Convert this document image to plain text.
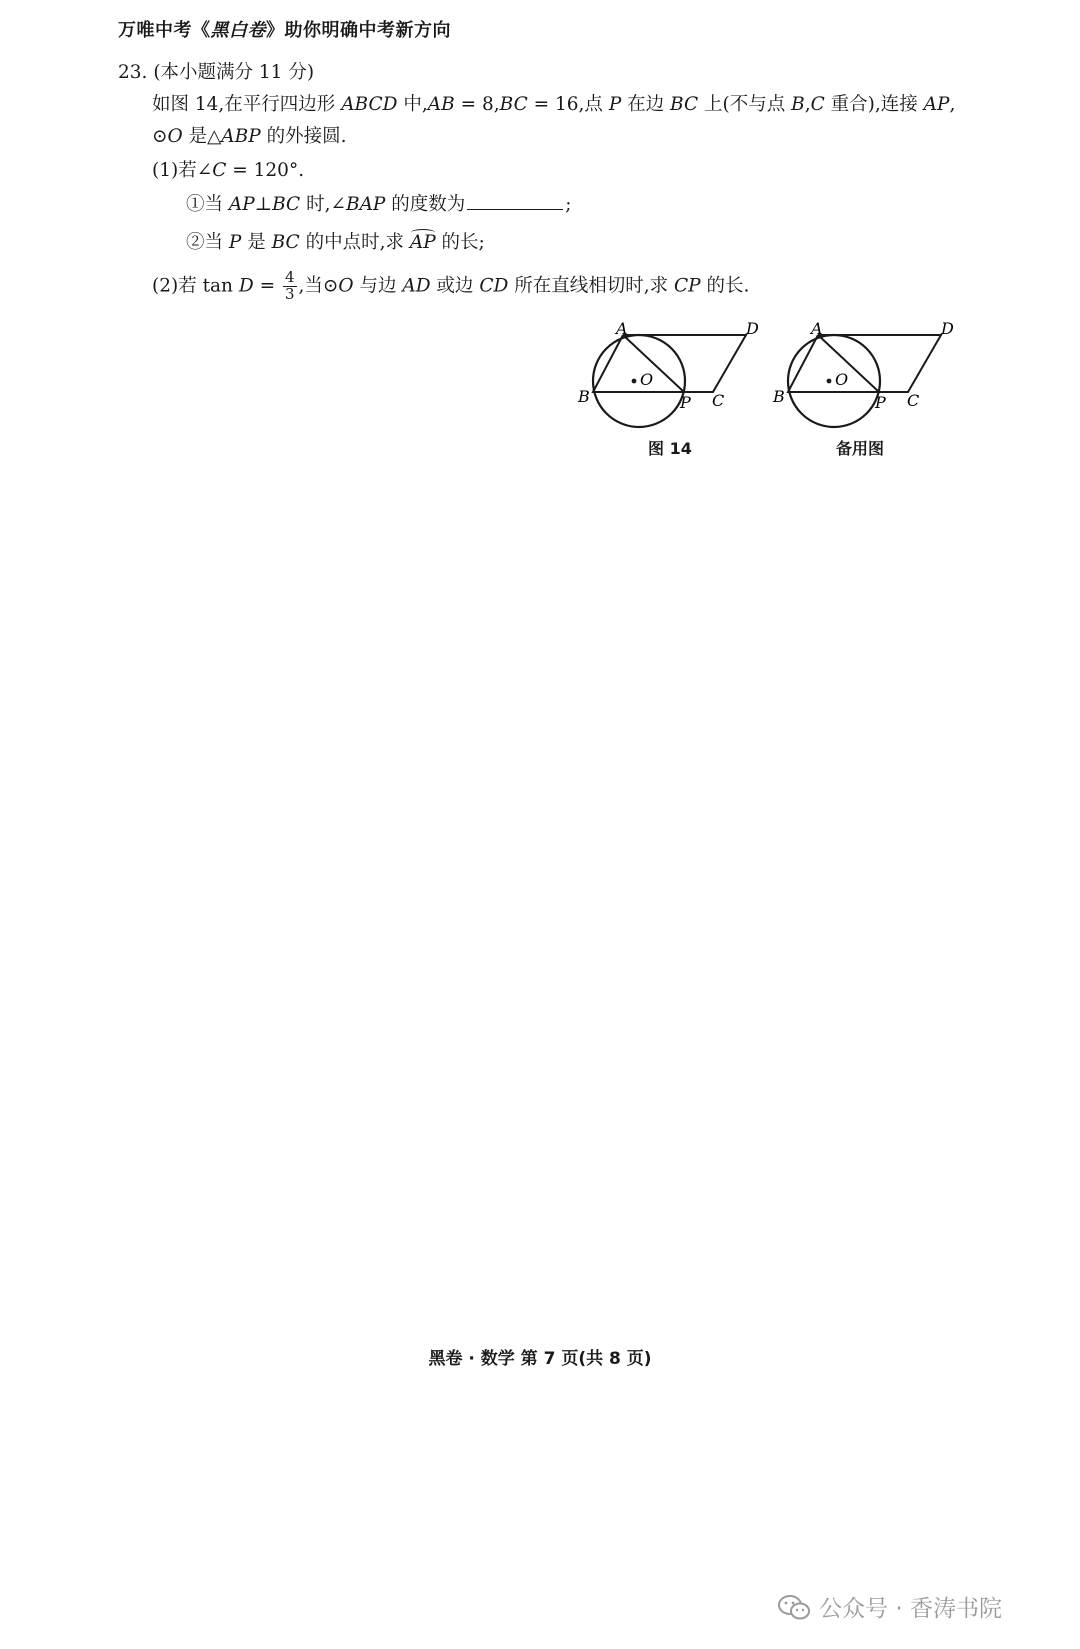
万唯中考《黑白卷》助你明确中考新方向
23. (本小题满分 11 分)
如图 14,在平行四边形 ABCD 中,AB = 8,BC = 16,点 P 在边 BC 上(不与点 B,C 重合),连接 AP,
⊙O 是△ABP 的外接圆.
(1)若∠C = 120°.
①当 AP⊥BC 时,∠BAP 的度数为	;
②当 P 是 BC 的中点时,求 AP 的长;
(2)若 $\tan D = \frac{4}{3}$ ,当⊙O 与边 AD 或边 CD 所在直线相切时,求 CP 的长.
A	D
B	P C
O
图 14
A	D
B	P C
O
备用图
黑卷 · 数学 第 7 页(共 8 页)
公众号 · 香涛书院
